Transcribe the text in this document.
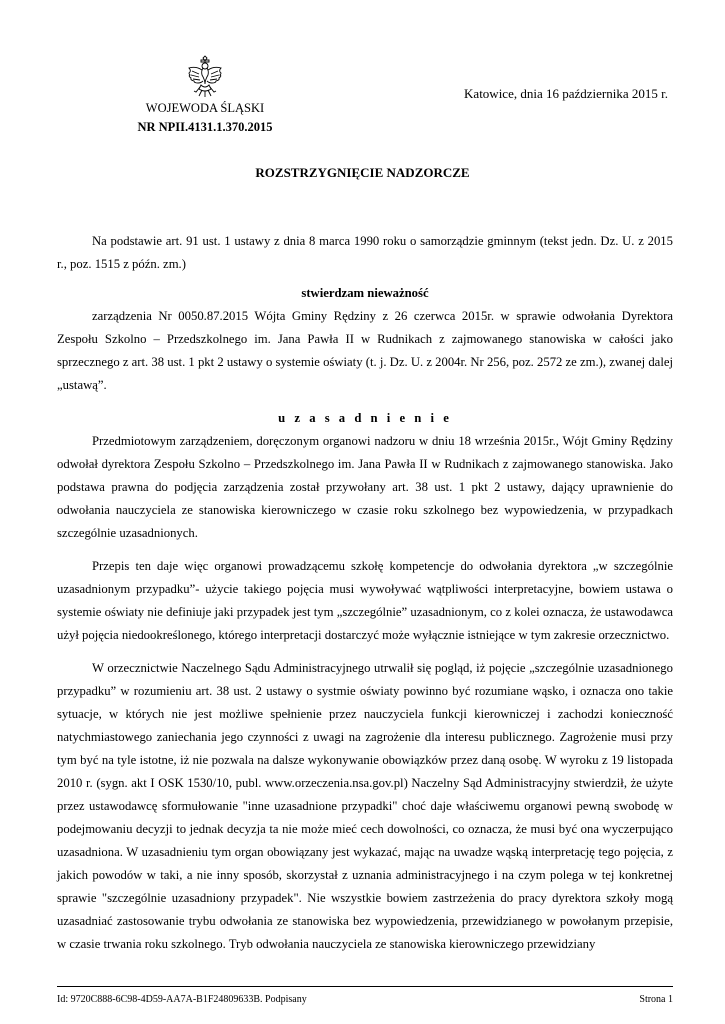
WOJEWODA ŚLĄSKI
NR NPII.4131.1.370.2015
Katowice, dnia 16 października 2015 r.
ROZSTRZYGNIĘCIE NADZORCZE

Na podstawie art. 91 ust. 1 ustawy z dnia 8 marca 1990 roku o samorządzie gminnym (tekst jedn. Dz. U. z 2015 r., poz. 1515 z późn. zm.)

stwierdzam nieważność

zarządzenia Nr 0050.87.2015 Wójta Gminy Rędziny z 26 czerwca 2015r. w sprawie odwołania Dyrektora Zespołu Szkolno – Przedszkolnego im. Jana Pawła II w Rudnikach z zajmowanego stanowiska w całości jako sprzecznego z art. 38 ust. 1 pkt 2 ustawy o systemie oświaty (t. j. Dz. U. z 2004r. Nr 256, poz. 2572 ze zm.), zwanej dalej „ustawą”.

u z a s a d n i e n i e

Przedmiotowym zarządzeniem, doręczonym organowi nadzoru w dniu 18 września 2015r., Wójt Gminy Rędziny odwołał dyrektora Zespołu Szkolno – Przedszkolnego im. Jana Pawła II w Rudnikach z zajmowanego stanowiska. Jako podstawa prawna do podjęcia zarządzenia został przywołany art. 38 ust. 1 pkt 2 ustawy, dający uprawnienie do odwołania nauczyciela ze stanowiska kierowniczego w czasie roku szkolnego bez wypowiedzenia, w przypadkach szczególnie uzasadnionych.

Przepis ten daje więc organowi prowadzącemu szkołę kompetencje do odwołania dyrektora „w szczególnie uzasadnionym przypadku”- użycie takiego pojęcia musi wywoływać wątpliwości interpretacyjne, bowiem ustawa o systemie oświaty nie definiuje jaki przypadek jest tym „szczególnie” uzasadnionym, co z kolei oznacza, że ustawodawca użył pojęcia niedookreślonego, którego interpretacji dostarczyć może wyłącznie istniejące w tym zakresie orzecznictwo.

W orzecznictwie Naczelnego Sądu Administracyjnego utrwalił się pogląd, iż pojęcie „szczególnie uzasadnionego przypadku” w rozumieniu art. 38 ust. 2 ustawy o systmie oświaty powinno być rozumiane wąsko, i oznacza ono takie sytuacje, w których nie jest możliwe spełnienie przez nauczyciela funkcji kierowniczej i zachodzi konieczność natychmiastowego zaniechania jego czynności z uwagi na zagrożenie dla interesu publicznego. Zagrożenie musi przy tym być na tyle istotne, iż nie pozwala na dalsze wykonywanie obowiązków przez daną osobę. W wyroku z 19 listopada 2010 r. (sygn. akt I OSK 1530/10, publ. www.orzeczenia.nsa.gov.pl) Naczelny Sąd Administracyjny stwierdził, że użyte przez ustawodawcę sformułowanie "inne uzasadnione przypadki" choć daje właściwemu organowi pewną swobodę w podejmowaniu decyzji to jednak decyzja ta nie może mieć cech dowolności, co oznacza, że musi być ona wyczerpująco uzasadniona. W uzasadnieniu tym organ obowiązany jest wykazać, mając na uwadze wąską interpretację tego pojęcia, z jakich powodów w taki, a nie inny sposób, skorzystał z uznania administracyjnego i na czym polega w tej konkretnej sprawie "szczególnie uzasadniony przypadek". Nie wszystkie bowiem zastrzeżenia do pracy dyrektora szkoły mogą uzasadniać zastosowanie trybu odwołania ze stanowiska bez wypowiedzenia, przewidzianego w powołanym przepisie, w czasie trwania roku szkolnego. Tryb odwołania nauczyciela ze stanowiska kierowniczego przewidziany

Id: 9720C888-6C98-4D59-AA7A-B1F24809633B. Podpisany	Strona 1
